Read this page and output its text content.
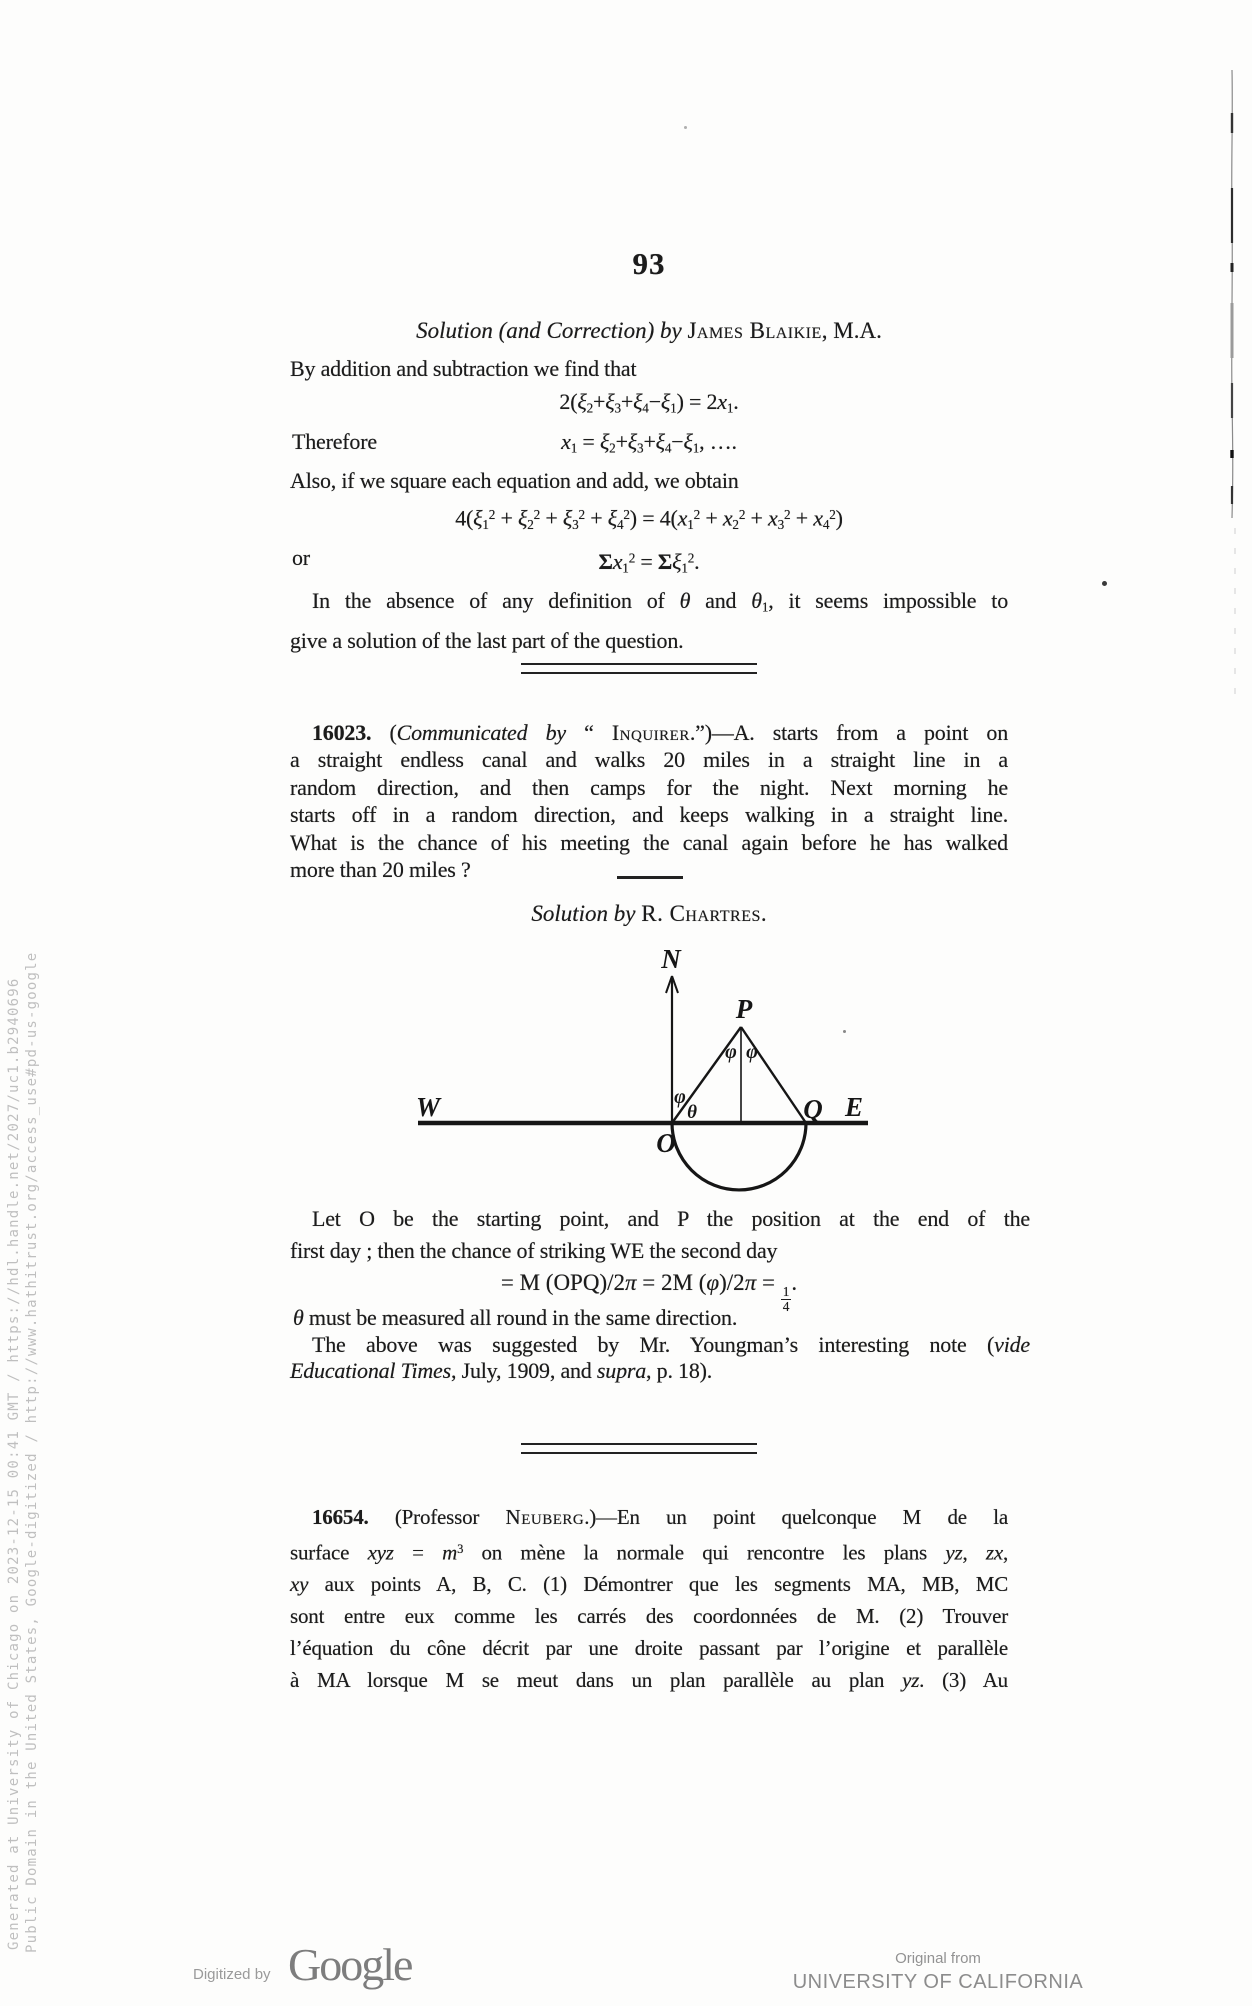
Generated at University of Chicago on 2023-12-15 00:41 GMT / https://hdl.handle.net/2027/uc1.b2940696 Public Domain in the United States, Google-digitized / http://www.hathitrust.org/access_use#pd-us-google
93
Solution (and Correction) by James Blaikie, M.A.
By addition and subtraction we find that
2(ξ2+ξ3+ξ4−ξ1) = 2x1.
Therefore	x1 = ξ2+ξ3+ξ4−ξ1, ….
Also, if we square each equation and add, we obtain
$4(\xi 1^2 + \xi 2^2 + \xi 3^2 + \xi 4^2) = 4(x1^2 + x2^2 + x3^2 + x4^2)$
or	$\Sigma x1^2 = \Sigma\xi 1^2$.
In the absence of any definition of θ and θ1, it seems impossible to
give a solution of the last part of the question.
16023. (Communicated by “ Inquirer.”)—A. starts from a point on
a straight endless canal and walks 20 miles in a straight line in a
random direction, and then camps for the night. Next morning he
starts off in a random direction, and keeps walking in a straight line.
What is the chance of his meeting the canal again before he has walked
more than 20 miles ?
Solution by R. Chartres.
N
W	E
O
P
Q
φ
θ
φ φ
Let O be the starting point, and P the position at the end of the
first day ; then the chance of striking WE the second day
= M (OPQ)/2π = 2M (φ)/2π =
$\frac{1}{4}$
.
θ must be measured all round in the same direction.
The above was suggested by Mr. Youngman’s interesting note (vide
Educational Times, July, 1909, and supra, p. 18).
16654. (Professor Neuberg.)—En un point quelconque M de la
surface xyz = $m^3$ on mène la normale qui rencontre les plans yz, zx,
xy aux points A, B, C. (1) Démontrer que les segments MA, MB, MC
sont entre eux comme les carrés des coordonnées de M. (2) Trouver
l’équation du cône décrit par une droite passant par l’origine et parallèle
à MA lorsque M se meut dans un plan parallèle au plan yz. (3) Au
Digitized by Google	Original from
UNIVERSITY OF CALIFORNIA
